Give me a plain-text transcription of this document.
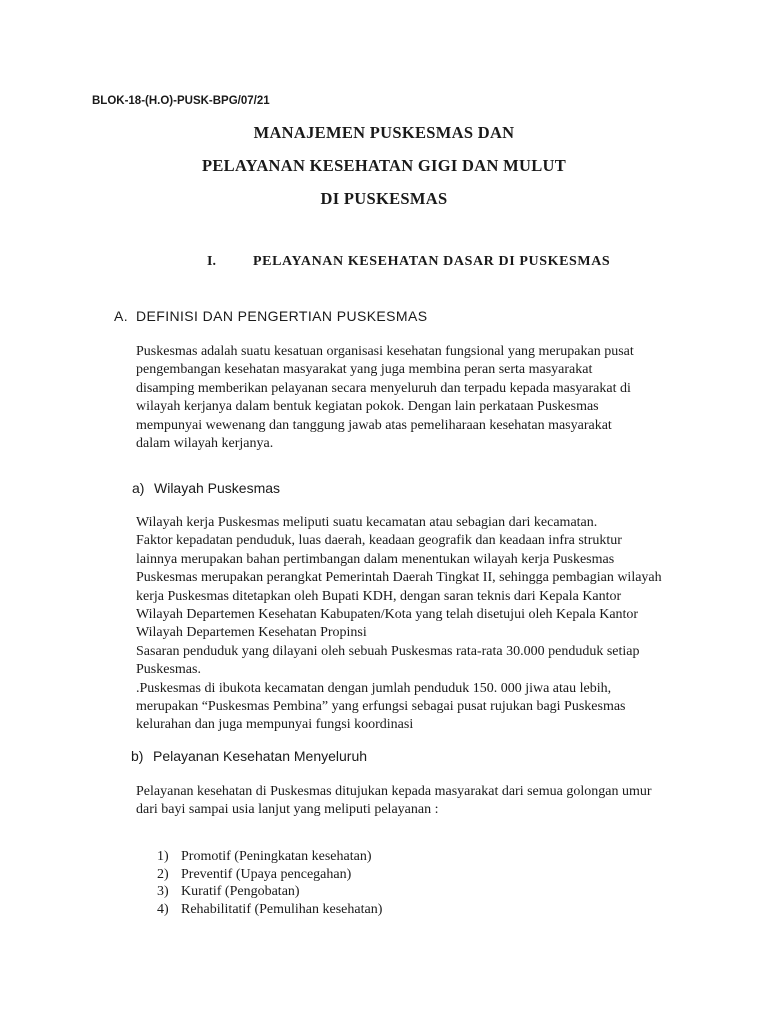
BLOK-18-(H.O)-PUSK-BPG/07/21
MANAJEMEN PUSKESMAS DAN
PELAYANAN KESEHATAN GIGI DAN MULUT
DI PUSKESMAS
I.	PELAYANAN KESEHATAN DASAR DI PUSKESMAS
A. DEFINISI DAN PENGERTIAN PUSKESMAS
Puskesmas adalah suatu kesatuan organisasi kesehatan fungsional yang merupakan pusat
pengembangan kesehatan masyarakat yang juga membina peran serta masyarakat
disamping memberikan pelayanan secara menyeluruh dan terpadu kepada masyarakat di
wilayah kerjanya dalam bentuk kegiatan pokok. Dengan lain perkataan Puskesmas
mempunyai wewenang dan tanggung jawab atas pemeliharaan kesehatan masyarakat
dalam wilayah kerjanya.
a) Wilayah Puskesmas
Wilayah kerja Puskesmas meliputi suatu kecamatan atau sebagian dari kecamatan.
Faktor kepadatan penduduk, luas daerah, keadaan geografik dan keadaan infra struktur
lainnya merupakan bahan pertimbangan dalam menentukan wilayah kerja Puskesmas
Puskesmas merupakan perangkat Pemerintah Daerah Tingkat II, sehingga pembagian wilayah
kerja Puskesmas ditetapkan oleh Bupati KDH, dengan saran teknis dari Kepala Kantor
Wilayah Departemen Kesehatan Kabupaten/Kota yang telah disetujui oleh Kepala Kantor
Wilayah Departemen Kesehatan Propinsi
Sasaran penduduk yang dilayani oleh sebuah Puskesmas rata-rata 30.000 penduduk setiap
Puskesmas.
.Puskesmas di ibukota kecamatan dengan jumlah penduduk 150. 000 jiwa atau lebih,
merupakan “Puskesmas Pembina” yang erfungsi sebagai pusat rujukan bagi Puskesmas
kelurahan dan juga mempunyai fungsi koordinasi
b) Pelayanan Kesehatan Menyeluruh
Pelayanan kesehatan di Puskesmas ditujukan kepada masyarakat dari semua golongan umur
dari bayi sampai usia lanjut yang meliputi pelayanan :
1) Promotif (Peningkatan kesehatan)
2) Preventif (Upaya pencegahan)
3) Kuratif (Pengobatan)
4) Rehabilitatif (Pemulihan kesehatan)
